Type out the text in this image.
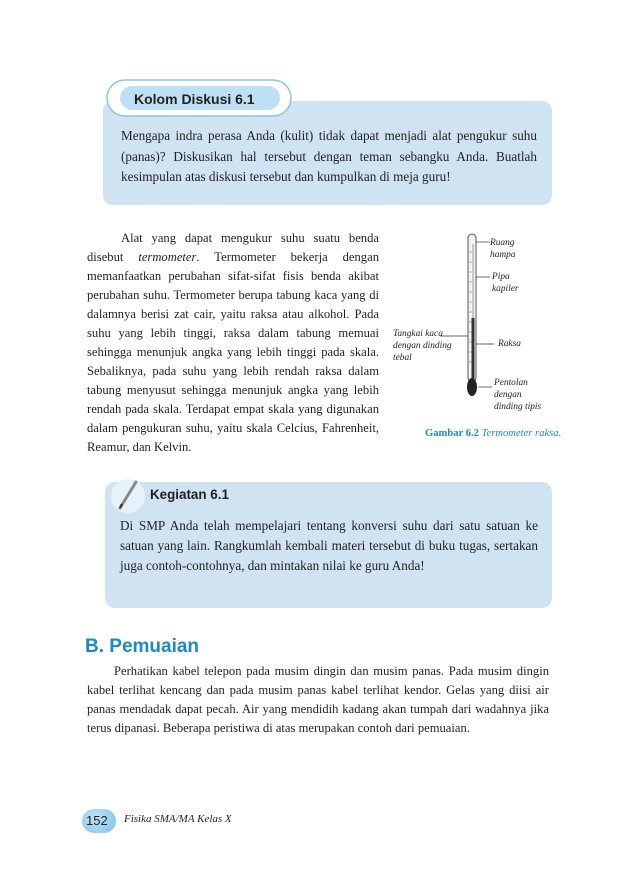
Kolom Diskusi 6.1
Mengapa indra perasa Anda (kulit) tidak dapat menjadi alat pengukur suhu (panas)? Diskusikan hal tersebut dengan teman sebangku Anda. Buatlah kesimpulan atas diskusi tersebut dan kumpulkan di meja guru!
Alat yang dapat mengukur suhu suatu benda disebut termometer. Termometer bekerja dengan memanfaatkan perubahan sifat-sifat fisis benda akibat perubahan suhu. Termometer berupa tabung kaca yang di dalamnya berisi zat cair, yaitu raksa atau alkohol. Pada suhu yang lebih tinggi, raksa dalam tabung memuai sehingga menunjuk angka yang lebih tinggi pada skala. Sebaliknya, pada suhu yang lebih rendah raksa dalam tabung menyusut sehingga menunjuk angka yang lebih rendah pada skala. Terdapat empat skala yang digunakan dalam pengukuran suhu, yaitu skala Celcius, Fahrenheit, Reamur, dan Kelvin.
Ruang
hampa
Pipa
kapiler
Tangkai kaca
dengan dinding
tebal
Raksa
Pentolan
dengan
dinding tipis
Gambar 6.2 Termometer raksa.
Kegiatan 6.1
Di SMP Anda telah mempelajari tentang konversi suhu dari satu satuan ke satuan yang lain. Rangkumlah kembali materi tersebut di buku tugas, sertakan juga contoh-contohnya, dan mintakan nilai ke guru Anda!
B. Pemuaian
Perhatikan kabel telepon pada musim dingin dan musim panas. Pada musim dingin kabel terlihat kencang dan pada musim panas kabel terlihat kendor. Gelas yang diisi air panas mendadak dapat pecah. Air yang mendidih kadang akan tumpah dari wadahnya jika terus dipanasi. Beberapa peristiwa di atas merupakan contoh dari pemuaian.
152 Fisika SMA/MA Kelas X
